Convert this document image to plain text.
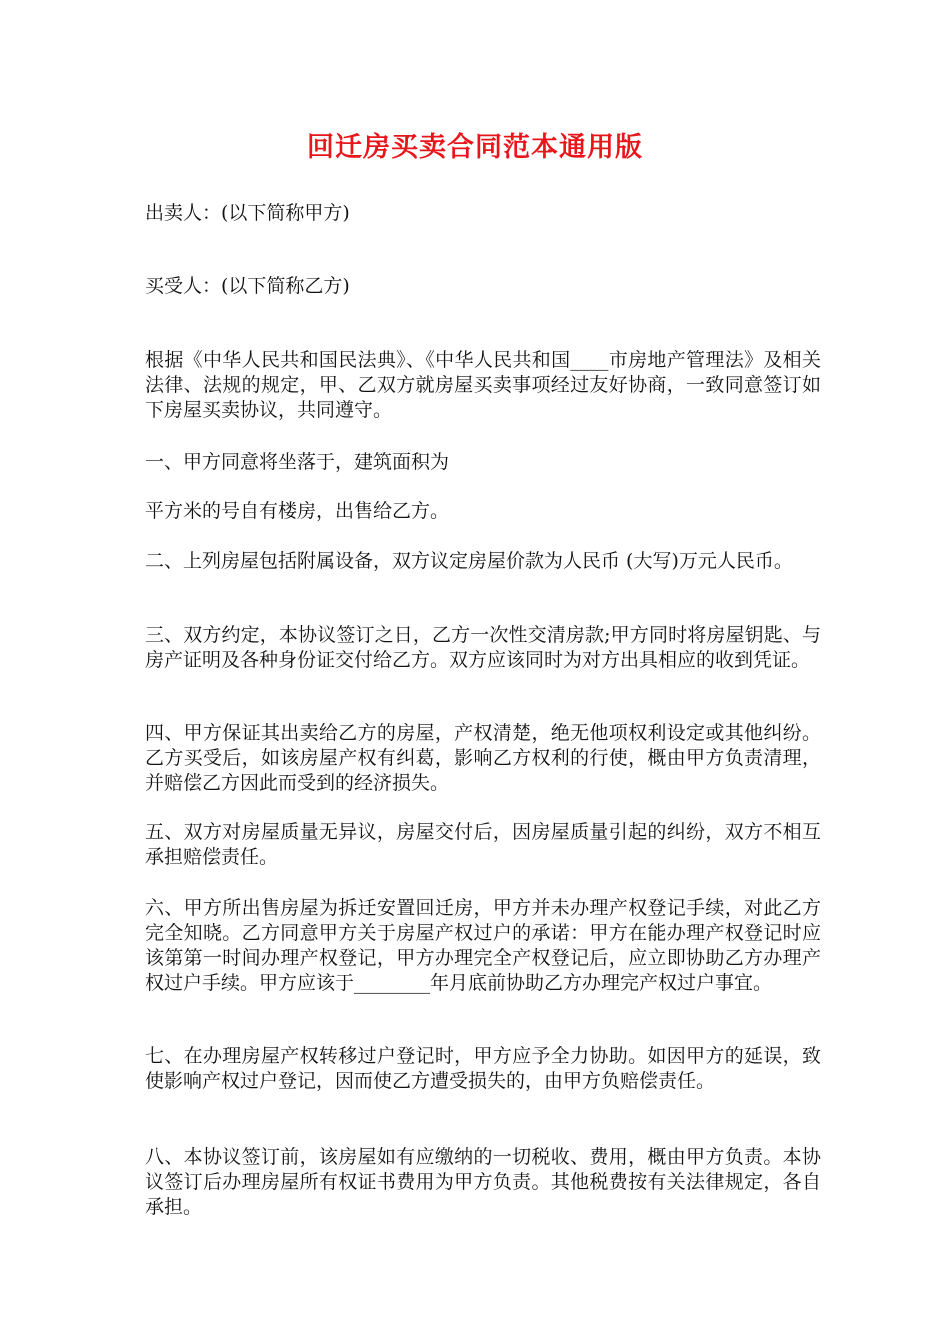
回迁房买卖合同范本通用版

出卖人：(以下简称甲方)

买受人：(以下简称乙方)

根据《中华人民共和国民法典》、《中华人民共和国____市房地产管理法》及相关法律、法规的规定，甲、乙双方就房屋买卖事项经过友好协商，一致同意签订如下房屋买卖协议，共同遵守。

一、甲方同意将坐落于，建筑面积为

平方米的号自有楼房，出售给乙方。

二、上列房屋包括附属设备，双方议定房屋价款为人民币 (大写)万元人民币。

三、双方约定，本协议签订之日，乙方一次性交清房款;甲方同时将房屋钥匙、与房产证明及各种身份证交付给乙方。双方应该同时为对方出具相应的收到凭证。

四、甲方保证其出卖给乙方的房屋，产权清楚，绝无他项权利设定或其他纠纷。乙方买受后，如该房屋产权有纠葛，影响乙方权利的行使，概由甲方负责清理，并赔偿乙方因此而受到的经济损失。

五、双方对房屋质量无异议，房屋交付后，因房屋质量引起的纠纷，双方不相互承担赔偿责任。

六、甲方所出售房屋为拆迁安置回迁房，甲方并未办理产权登记手续，对此乙方完全知晓。乙方同意甲方关于房屋产权过户的承诺：甲方在能办理产权登记时应该第第一时间办理产权登记，甲方办理完全产权登记后，应立即协助乙方办理产权过户手续。甲方应该于________年月底前协助乙方办理完产权过户事宜。

七、在办理房屋产权转移过户登记时，甲方应予全力协助。如因甲方的延误，致使影响产权过户登记，因而使乙方遭受损失的，由甲方负赔偿责任。

八、本协议签订前，该房屋如有应缴纳的一切税收、费用，概由甲方负责。本协议签订后办理房屋所有权证书费用为甲方负责。其他税费按有关法律规定，各自承担。
